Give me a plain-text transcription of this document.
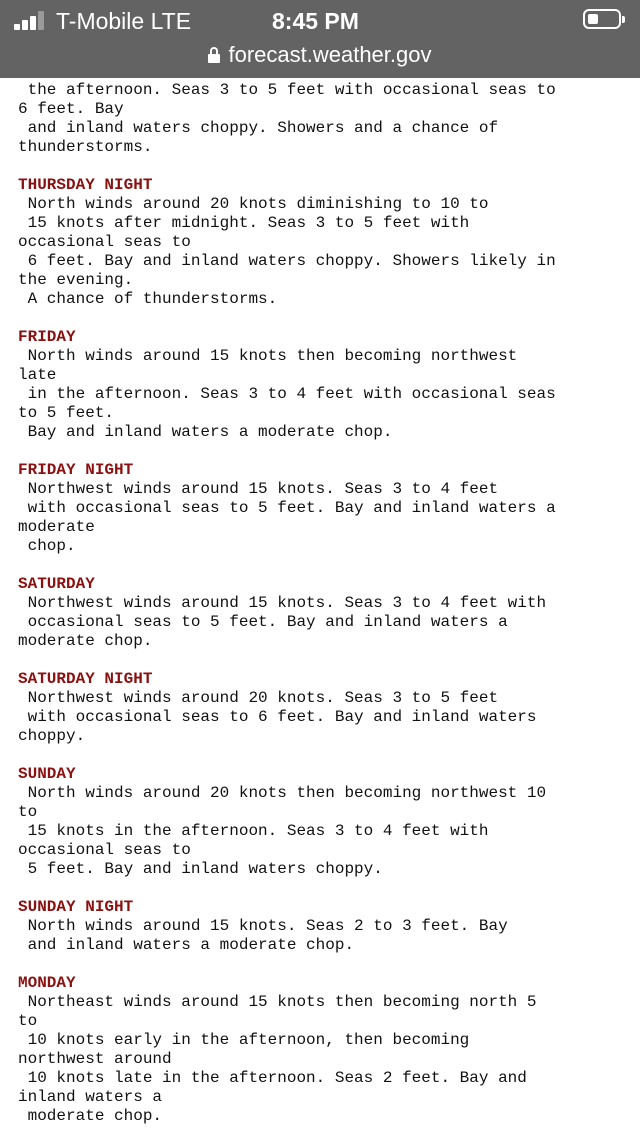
T-Mobile LTE	8:45 PM
forecast.weather.gov
the afternoon. Seas 3 to 5 feet with occasional seas to
6 feet. Bay
and inland waters choppy. Showers and a chance of
thunderstorms.
THURSDAY NIGHT
North winds around 20 knots diminishing to 10 to
15 knots after midnight. Seas 3 to 5 feet with
occasional seas to
6 feet. Bay and inland waters choppy. Showers likely in
the evening.
A chance of thunderstorms.
FRIDAY
North winds around 15 knots then becoming northwest
late
in the afternoon. Seas 3 to 4 feet with occasional seas
to 5 feet.
Bay and inland waters a moderate chop.
FRIDAY NIGHT
Northwest winds around 15 knots. Seas 3 to 4 feet
with occasional seas to 5 feet. Bay and inland waters a
moderate
chop.
SATURDAY
Northwest winds around 15 knots. Seas 3 to 4 feet with
occasional seas to 5 feet. Bay and inland waters a
moderate chop.
SATURDAY NIGHT
Northwest winds around 20 knots. Seas 3 to 5 feet
with occasional seas to 6 feet. Bay and inland waters
choppy.
SUNDAY
North winds around 20 knots then becoming northwest 10
to
15 knots in the afternoon. Seas 3 to 4 feet with
occasional seas to
5 feet. Bay and inland waters choppy.
SUNDAY NIGHT
North winds around 15 knots. Seas 2 to 3 feet. Bay
and inland waters a moderate chop.
MONDAY
Northeast winds around 15 knots then becoming north 5
to
10 knots early in the afternoon, then becoming
northwest around
10 knots late in the afternoon. Seas 2 feet. Bay and
inland waters a
moderate chop.
